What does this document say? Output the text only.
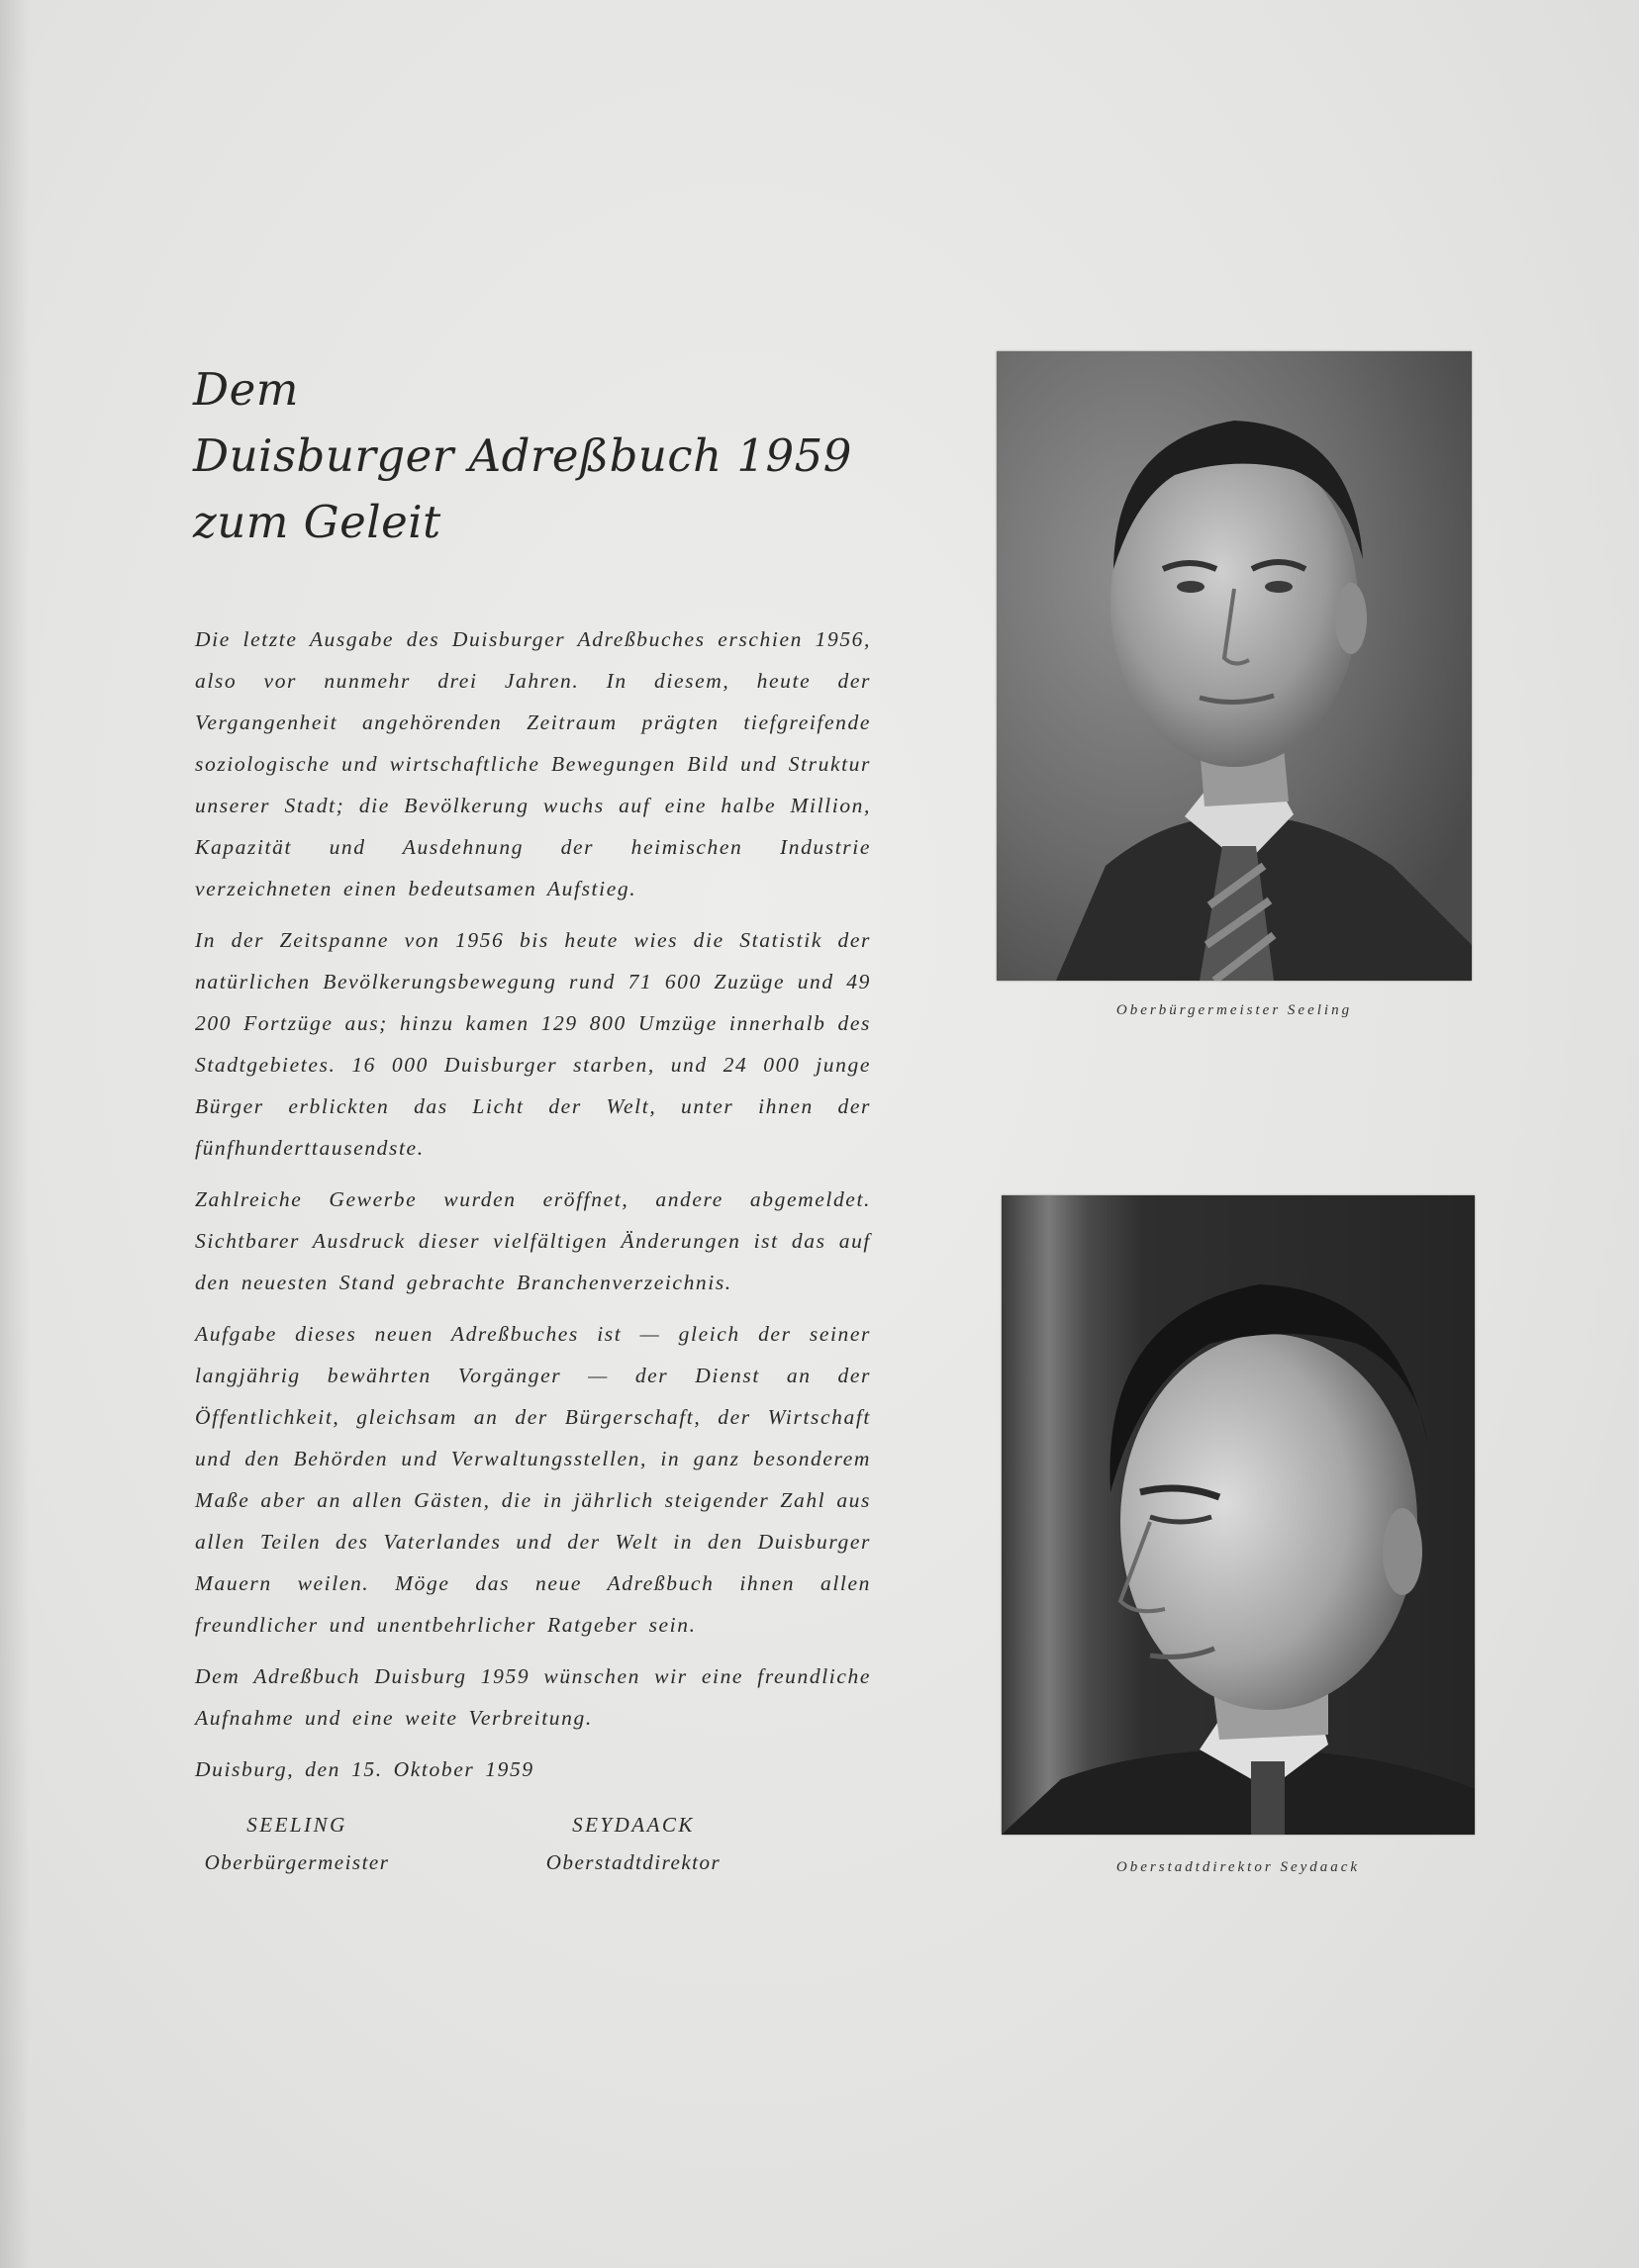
Dem
Duisburger Adreßbuch 1959
zum Geleit

Die letzte Ausgabe des Duisburger Adreßbuches erschien 1956, also vor nunmehr drei Jahren. In diesem, heute der Vergangenheit angehörenden Zeitraum prägten tiefgreifende soziologische und wirtschaftliche Bewegungen Bild und Struktur unserer Stadt; die Bevölkerung wuchs auf eine halbe Million, Kapazität und Ausdehnung der heimischen Industrie verzeichneten einen bedeutsamen Aufstieg.

In der Zeitspanne von 1956 bis heute wies die Statistik der natürlichen Bevölkerungsbewegung rund 71 600 Zuzüge und 49 200 Fortzüge aus; hinzu kamen 129 800 Umzüge innerhalb des Stadtgebietes. 16 000 Duisburger starben, und 24 000 junge Bürger erblickten das Licht der Welt, unter ihnen der fünfhunderttausendste.

Zahlreiche Gewerbe wurden eröffnet, andere abgemeldet. Sichtbarer Ausdruck dieser vielfältigen Änderungen ist das auf den neuesten Stand gebrachte Branchenverzeichnis.

Aufgabe dieses neuen Adreßbuches ist — gleich der seiner langjährig bewährten Vorgänger — der Dienst an der Öffentlichkeit, gleichsam an der Bürgerschaft, der Wirtschaft und den Behörden und Verwaltungsstellen, in ganz besonderem Maße aber an allen Gästen, die in jährlich steigender Zahl aus allen Teilen des Vaterlandes und der Welt in den Duisburger Mauern weilen. Möge das neue Adreßbuch ihnen allen freundlicher und unentbehrlicher Ratgeber sein.

Dem Adreßbuch Duisburg 1959 wünschen wir eine freundliche Aufnahme und eine weite Verbreitung.

Duisburg, den 15. Oktober 1959

SEELING
Oberbürgermeister
SEYDAACK
Oberstadtdirektor
Oberbürgermeister Seeling
Oberstadtdirektor Seydaack
